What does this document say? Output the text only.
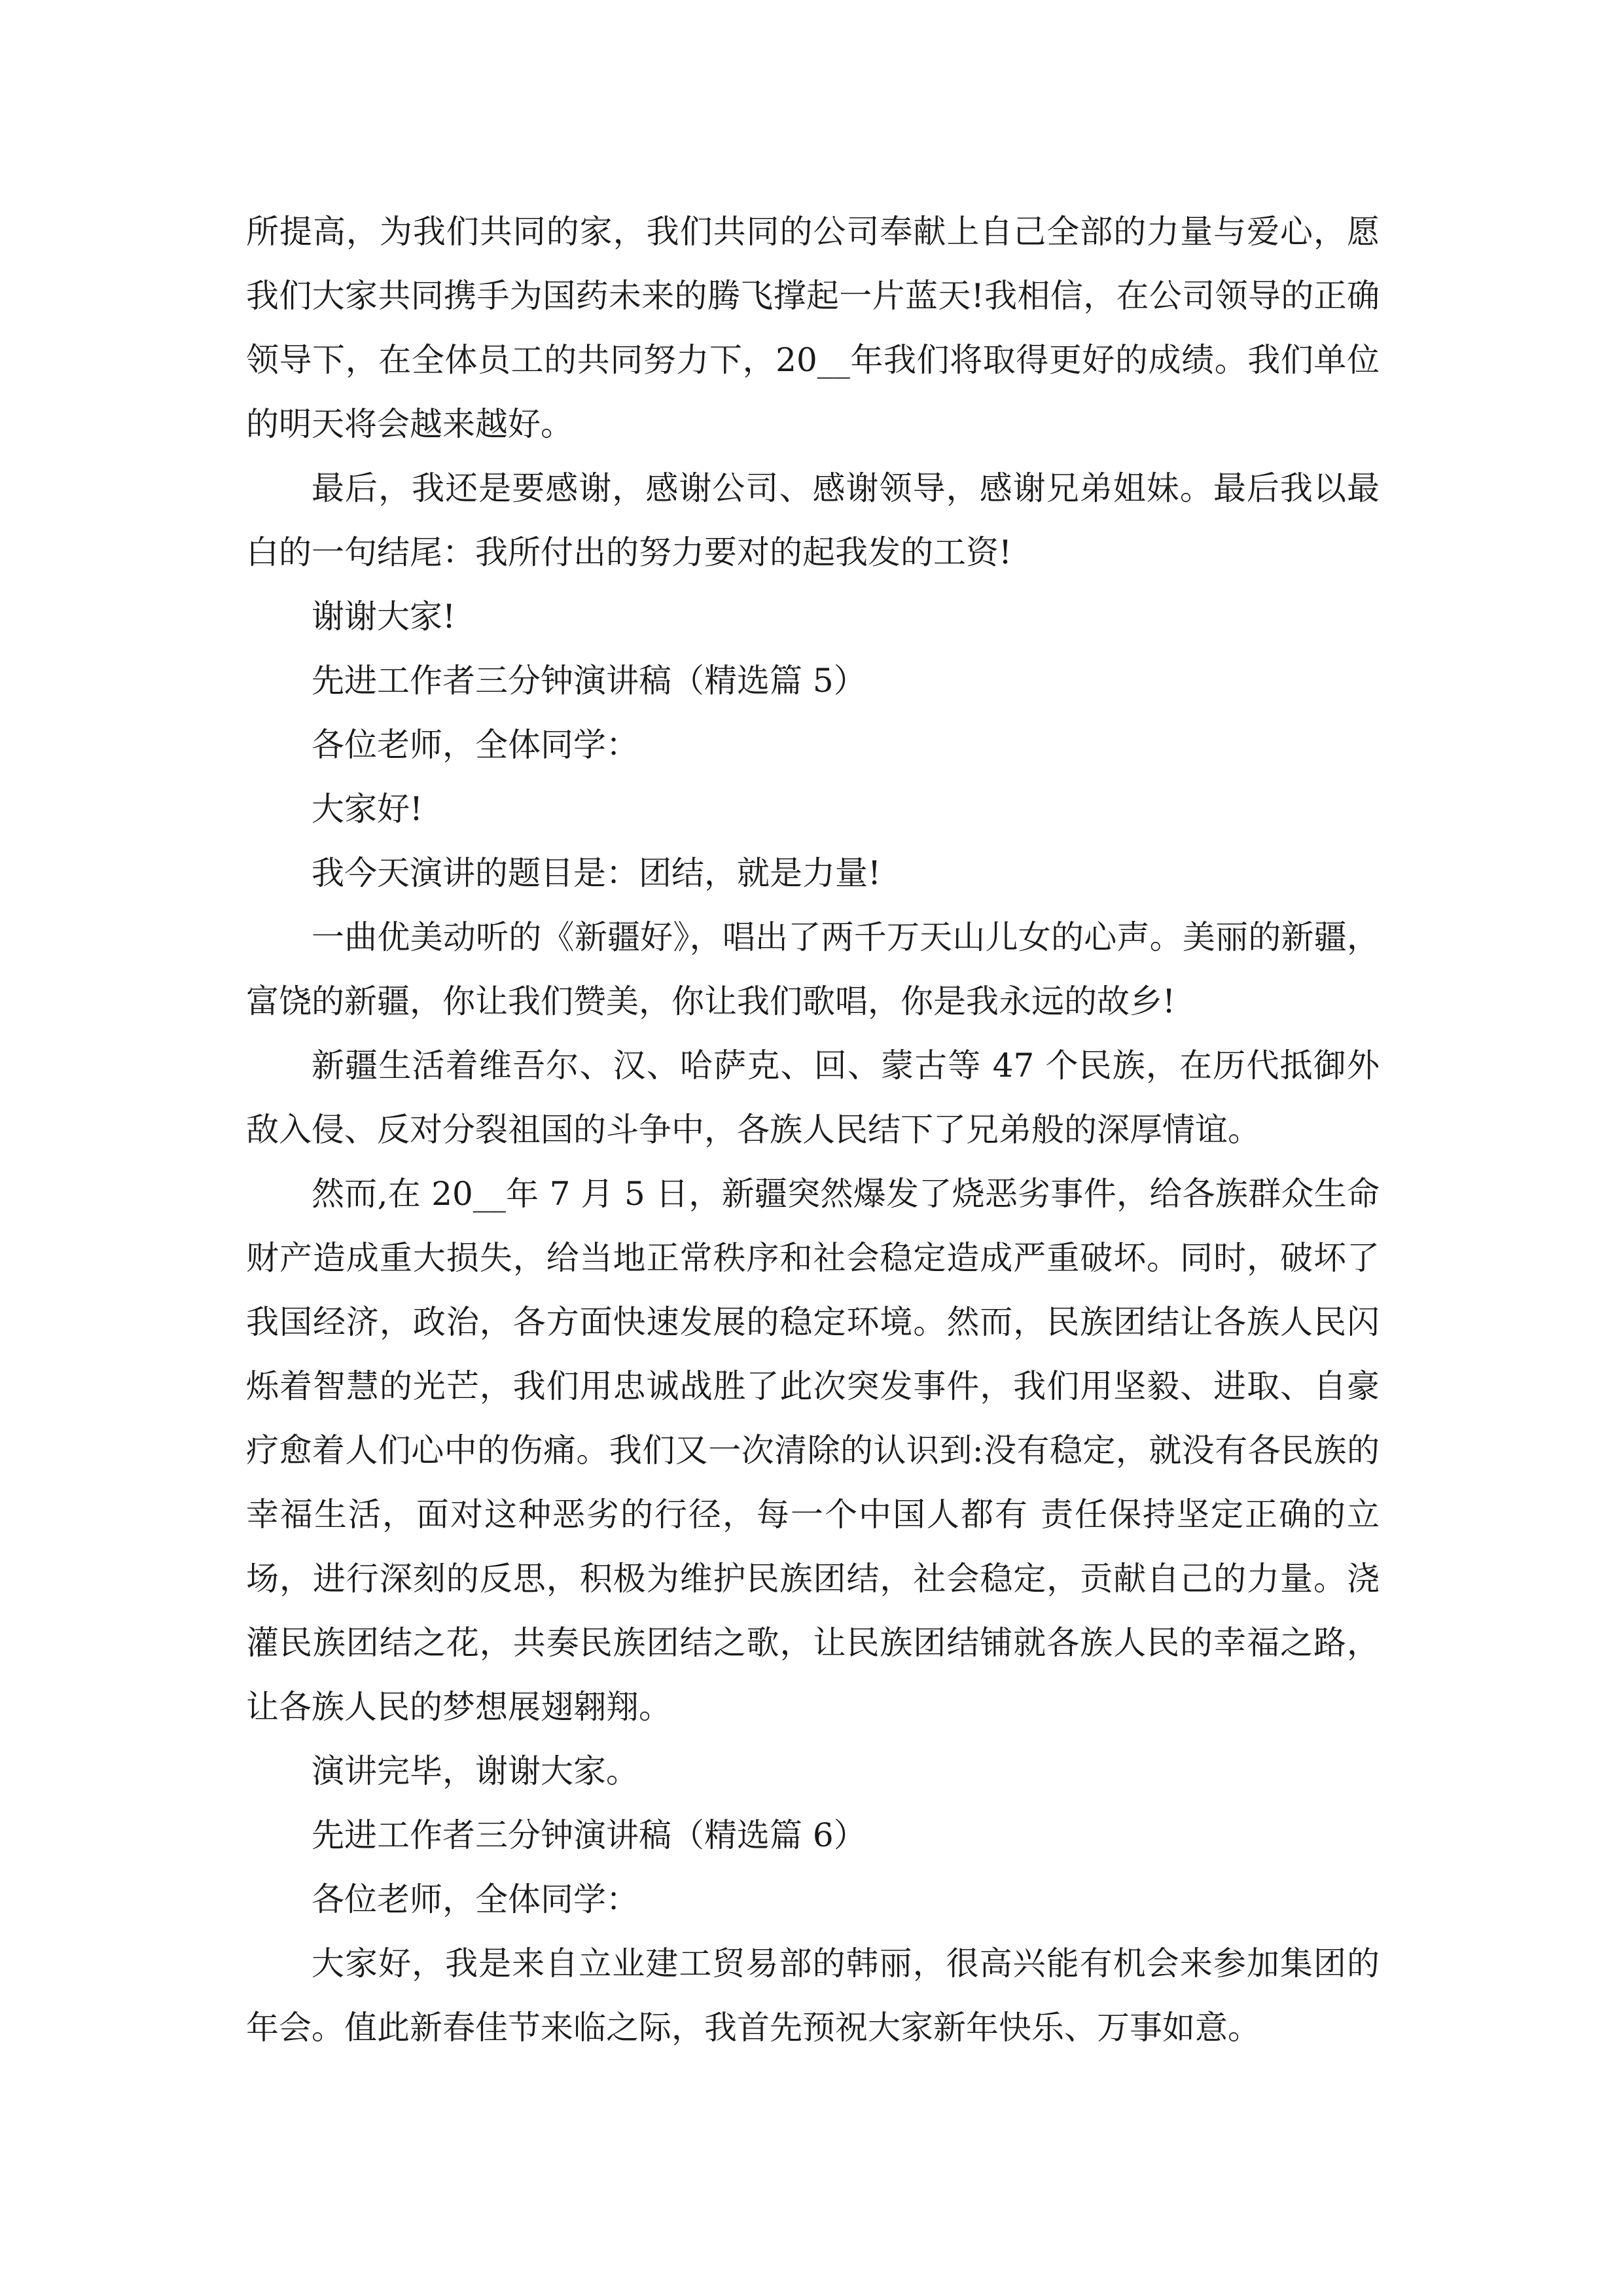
所提高，为我们共同的家，我们共同的公司奉献上自己全部的力量与爱心，愿我们大家共同携手为国药未来的腾飞撑起一片蓝天!我相信，在公司领导的正确领导下，在全体员工的共同努力下，20__年我们将取得更好的成绩。我们单位的明天将会越来越好。

最后，我还是要感谢，感谢公司、感谢领导，感谢兄弟姐妹。最后我以最白的一句结尾：我所付出的努力要对的起我发的工资!

谢谢大家!

先进工作者三分钟演讲稿（精选篇 5）

各位老师，全体同学：

大家好!

我今天演讲的题目是：团结，就是力量!

一曲优美动听的《新疆好》，唱出了两千万天山儿女的心声。美丽的新疆，富饶的新疆，你让我们赞美，你让我们歌唱，你是我永远的故乡!

新疆生活着维吾尔、汉、哈萨克、回、蒙古等 47 个民族，在历代抵御外敌入侵、反对分裂祖国的斗争中，各族人民结下了兄弟般的深厚情谊。

然而,在 20__年 7 月 5 日，新疆突然爆发了烧恶劣事件，给各族群众生命财产造成重大损失，给当地正常秩序和社会稳定造成严重破坏。同时，破坏了我国经济，政治，各方面快速发展的稳定环境。然而，民族团结让各族人民闪烁着智慧的光芒，我们用忠诚战胜了此次突发事件，我们用坚毅、进取、自豪疗愈着人们心中的伤痛。我们又一次清除的认识到:没有稳定，就没有各民族的幸福生活，面对这种恶劣的行径，每一个中国人都有 责任保持坚定正确的立场，进行深刻的反思，积极为维护民族团结，社会稳定，贡献自己的力量。浇灌民族团结之花，共奏民族团结之歌，让民族团结铺就各族人民的幸福之路，让各族人民的梦想展翅翱翔。

演讲完毕，谢谢大家。

先进工作者三分钟演讲稿（精选篇 6）

各位老师，全体同学：

大家好，我是来自立业建工贸易部的韩丽，很高兴能有机会来参加集团的年会。值此新春佳节来临之际，我首先预祝大家新年快乐、万事如意。
